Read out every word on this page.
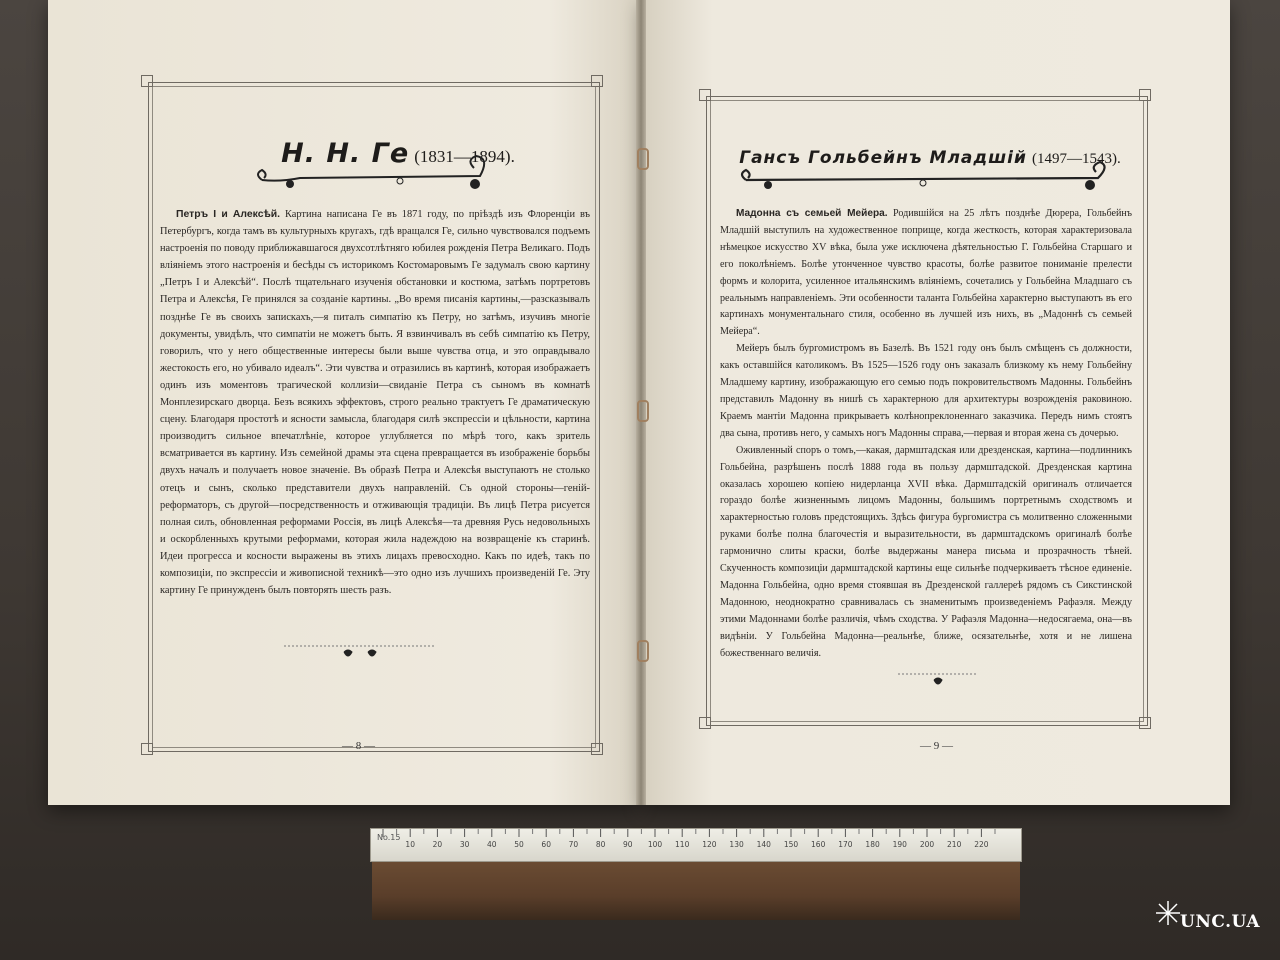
Н. Н. Ге (1831—1894).

Петръ I и Алексѣй. Картина написана Ге въ 1871 году, по пріѣздѣ изъ Флоренціи въ Петербургъ, когда тамъ въ культурныхъ кругахъ, гдѣ вращался Ге, сильно чувствовался подъемъ настроенія по поводу приближавшагося двухсотлѣтняго юбилея рожденія Петра Великаго. Подъ вліяніемъ этого настроенія и бесѣды съ историкомъ Костомаровымъ Ге задумалъ свою картину „Петръ I и Алексѣй“. Послѣ тщательнаго изученія обстановки и костюма, затѣмъ портретовъ Петра и Алексѣя, Ге принялся за созданіе картины. „Во время писанія картины,—разсказывалъ позднѣе Ге въ своихъ запискахъ,—я питалъ симпатію къ Петру, но затѣмъ, изучивъ многіе документы, увидѣлъ, что симпатіи не можетъ быть. Я взвинчивалъ въ себѣ симпатію къ Петру, говорилъ, что у него общественные интересы были выше чувства отца, и это оправдывало жестокость его, но убивало идеалъ“. Эти чувства и отразились въ картинѣ, которая изображаетъ одинъ изъ моментовъ трагической коллизіи—свиданіе Петра съ сыномъ въ комнатѣ Монплезирскаго дворца. Безъ всякихъ эффектовъ, строго реально трактуетъ Ге драматическую сцену. Благодаря простотѣ и ясности замысла, благодаря силѣ экспрессіи и цѣльности, картина производитъ сильное впечатлѣніе, которое углубляется по мѣрѣ того, какъ зритель всматривается въ картину. Изъ семейной драмы эта сцена превращается въ изображеніе борьбы двухъ началъ и получаетъ новое значеніе. Въ образѣ Петра и Алексѣя выступаютъ не столько отецъ и сынъ, сколько представители двухъ направленій. Съ одной стороны—геній-реформаторъ, съ другой—посредственность и отживающія традиціи. Въ лицѣ Петра рисуется полная силъ, обновленная реформами Россія, въ лицѣ Алексѣя—та древняя Русь недовольныхъ и оскорбленныхъ крутыми реформами, которая жила надеждою на возвращеніе къ старинѣ. Идеи прогресса и косности выражены въ этихъ лицахъ превосходно. Какъ по идеѣ, такъ по композиціи, по экспрессіи и живописной техникѣ—это одно изъ лучшихъ произведеній Ге. Эту картину Ге принужденъ былъ повторять шесть разъ.

— 8 —
Гансъ Гольбейнъ Младшій (1497—1543).

Мадонна съ семьей Мейера. Родившійся на 25 лѣтъ позднѣе Дюрера, Гольбейнъ Младшій выступилъ на художественное поприще, когда жесткость, которая характеризовала нѣмецкое искусство XV вѣка, была уже исключена дѣятельностью Г. Гольбейна Старшаго и его поколѣніемъ. Болѣе утонченное чувство красоты, болѣе развитое пониманіе прелести формъ и колорита, усиленное итальянскимъ вліяніемъ, сочетались у Гольбейна Младшаго съ реальнымъ направленіемъ. Эти особенности таланта Гольбейна характерно выступаютъ въ его картинахъ монументальнаго стиля, особенно въ лучшей изъ нихъ, въ „Мадоннѣ съ семьей Мейера“.

Мейеръ былъ бургомистромъ въ Базелѣ. Въ 1521 году онъ былъ смѣщенъ съ должности, какъ оставшійся католикомъ. Въ 1525—1526 году онъ заказалъ близкому къ нему Гольбейну Младшему картину, изображающую его семью подъ покровительствомъ Мадонны. Гольбейнъ представилъ Мадонну въ нишѣ съ характерною для архитектуры возрожденія раковиною. Краемъ мантіи Мадонна прикрываетъ колѣнопреклоненнаго заказчика. Передъ нимъ стоятъ два сына, противъ него, у самыхъ ногъ Мадонны справа,—первая и вторая жена съ дочерью.

Оживленный споръ о томъ,—какая, дармштадская или дрезденская, картина—подлинникъ Гольбейна, разрѣшенъ послѣ 1888 года въ пользу дармштадской. Дрезденская картина оказалась хорошею копіею нидерланца XVII вѣка. Дармштадскій оригиналъ отличается гораздо болѣе жизненнымъ лицомъ Мадонны, большимъ портретнымъ сходствомъ и характерностью головъ предстоящихъ. Здѣсь фигура бургомистра съ молитвенно сложенными руками болѣе полна благочестія и выразительности, въ дармштадскомъ оригиналѣ болѣе гармонично слиты краски, болѣе выдержаны манера письма и прозрачность тѣней. Скученность композиціи дармштадской картины еще сильнѣе подчеркиваетъ тѣсное единеніе. Мадонна Гольбейна, одно время стоявшая въ Дрезденской галлереѣ рядомъ съ Сикстинской Мадонною, неоднократно сравнивалась съ знаменитымъ произведеніемъ Рафаэля. Между этими Мадоннами болѣе различія, чѣмъ сходства. У Рафаэля Мадонна—недосягаема, она—въ видѣніи. У Гольбейна Мадонна—реальнѣе, ближе, осязательнѣе, хотя и не лишена божественнаго величія.

— 9 —
No.15
10 20 30 40 50 60 70 80 90 100 110 120 130 140 150 160 170 180 190 200 210 220
UNC.UA
